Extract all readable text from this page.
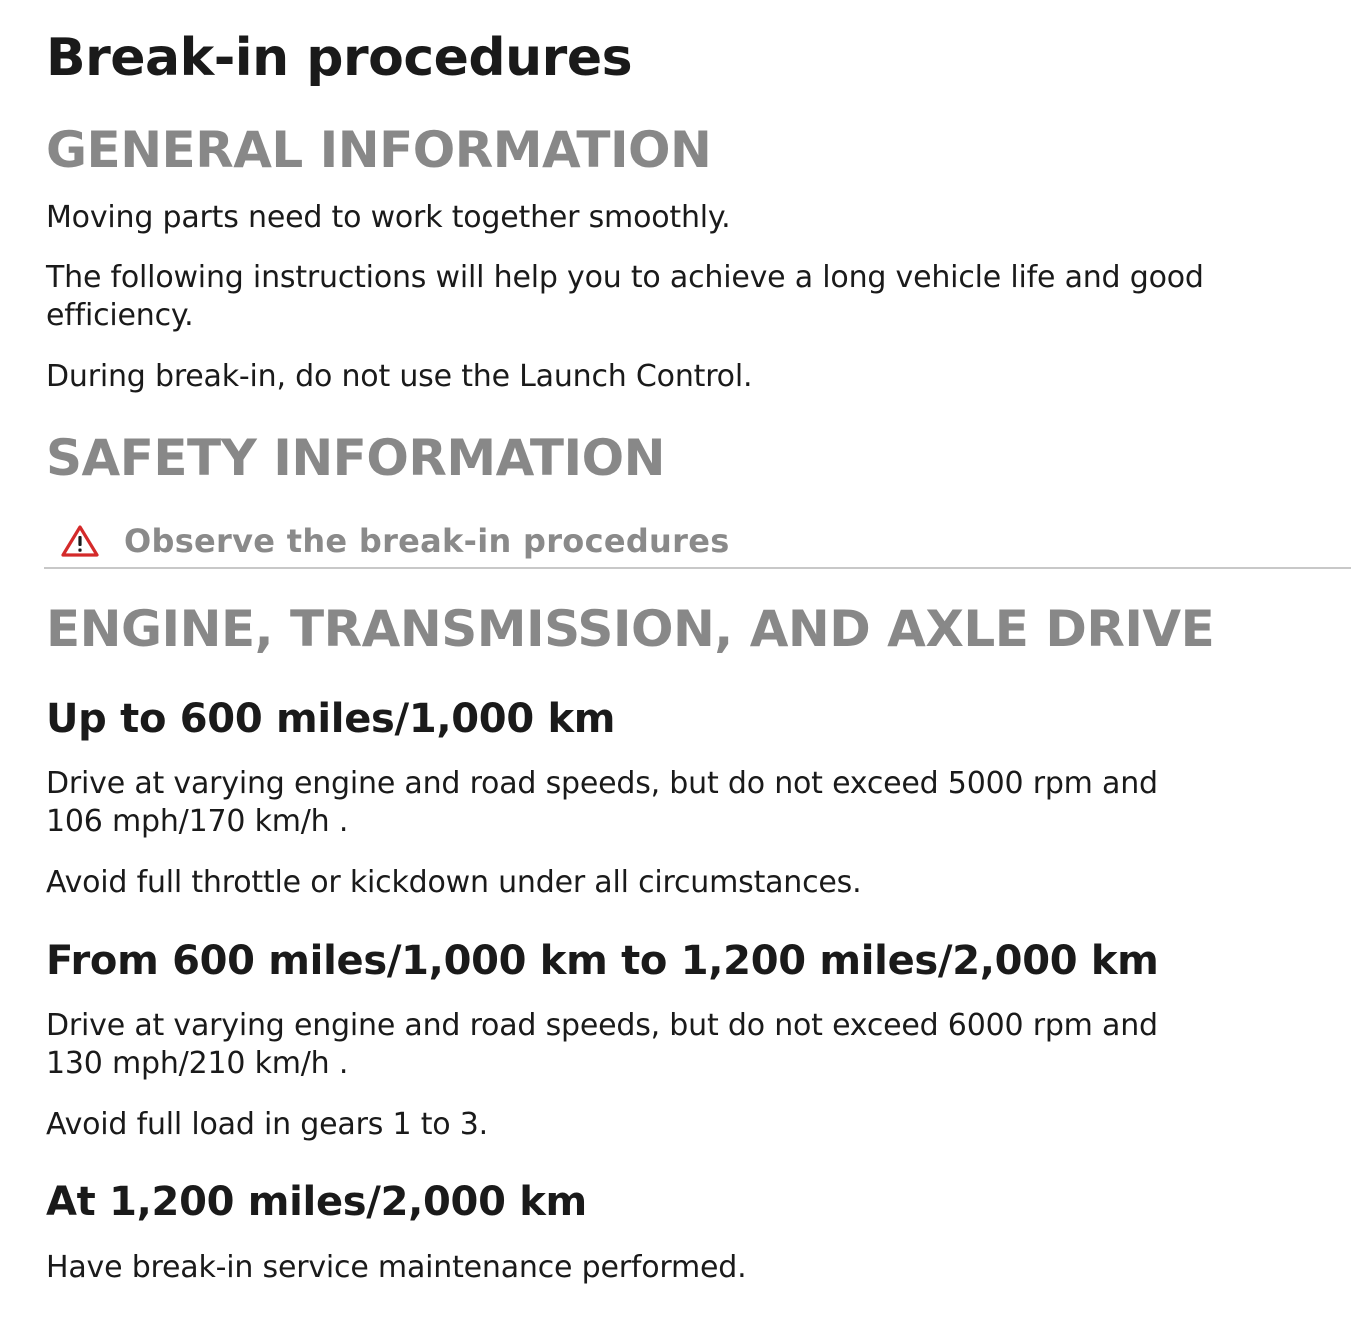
Break-in procedures
GENERAL INFORMATION

Moving parts need to work together smoothly.

The following instructions will help you to achieve a long vehicle life and good

efficiency.

During break-in, do not use the Launch Control.

SAFETY INFORMATION
Observe the break-in procedures
ENGINE, TRANSMISSION, AND AXLE DRIVE
Up to 600 miles/1,000 km

Drive at varying engine and road speeds, but do not exceed 5000 rpm and

106 mph/170 km/h .

Avoid full throttle or kickdown under all circumstances.

From 600 miles/1,000 km to 1,200 miles/2,000 km

Drive at varying engine and road speeds, but do not exceed 6000 rpm and

130 mph/210 km/h .

Avoid full load in gears 1 to 3.

At 1,200 miles/2,000 km

Have break-in service maintenance performed.
